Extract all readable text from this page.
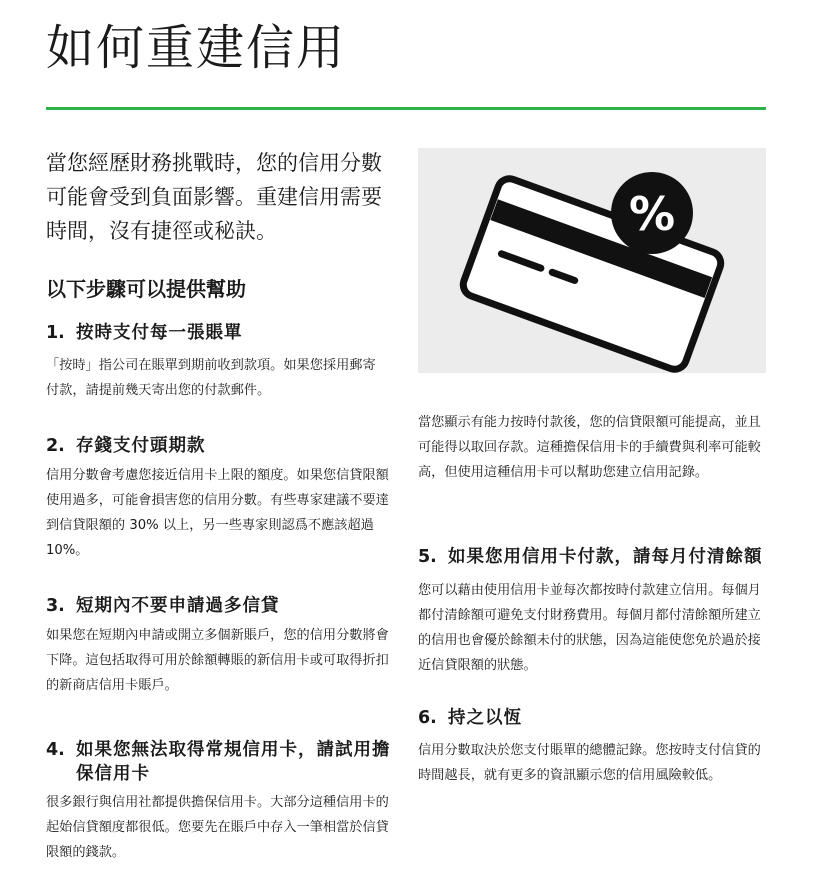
如何重建信用

當您經歷財務挑戰時，您的信用分數可能會受到負面影響。重建信用需要時間，沒有捷徑或秘訣。

以下步驟可以提供幫助
1. 按時支付每一張賬單

「按時」指公司在賬單到期前收到款項。如果您採用郵寄付款，請提前幾天寄出您的付款郵件。

2. 存錢支付頭期款

信用分數會考慮您接近信用卡上限的額度。如果您信貸限額使用過多，可能會損害您的信用分數。有些專家建議不要達到信貸限額的 30% 以上，另一些專家則認爲不應該超過 10%。

3. 短期內不要申請過多信貸

如果您在短期內申請或開立多個新賬戶，您的信用分數將會下降。這包括取得可用於餘額轉賬的新信用卡或可取得折扣的新商店信用卡賬戶。

4. 如果您無法取得常規信用卡，請試用擔保信用卡

很多銀行與信用社都提供擔保信用卡。大部分這種信用卡的起始信貸額度都很低。您要先在賬戶中存入一筆相當於信貸限額的錢款。

%

當您顯示有能力按時付款後，您的信貸限額可能提高，並且可能得以取回存款。這種擔保信用卡的手續費與利率可能較高，但使用這種信用卡可以幫助您建立信用記錄。

5. 如果您用信用卡付款，請每月付清餘額

您可以藉由使用信用卡並每次都按時付款建立信用。每個月都付清餘額可避免支付財務費用。每個月都付清餘額所建立的信用也會優於餘額未付的狀態，因為這能使您免於過於接近信貸限額的狀態。

6. 持之以恆

信用分數取決於您支付賬單的總體記錄。您按時支付信貸的時間越長，就有更多的資訊顯示您的信用風險較低。
